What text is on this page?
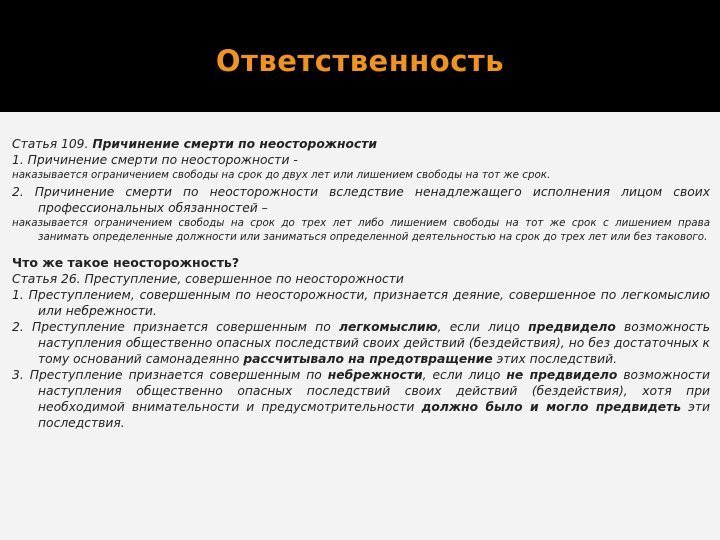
Ответственность

Статья 109. Причинение смерти по неосторожности

1. Причинение смерти по неосторожности -

наказывается ограничением свободы на срок до двух лет или лишением свободы на тот же срок.

2. Причинение смерти по неосторожности вследствие ненадлежащего исполнения лицом своих профессиональных обязанностей –

наказывается ограничением свободы на срок до трех лет либо лишением свободы на тот же срок с лишением права занимать определенные должности или заниматься определенной деятельностью на срок до трех лет или без такового.

Что же такое неосторожность?

Статья 26. Преступление, совершенное по неосторожности

1. Преступлением, совершенным по неосторожности, признается деяние, совершенное по легкомыслию или небрежности.

2. Преступление признается совершенным по легкомыслию, если лицо предвидело возможность наступления общественно опасных последствий своих действий (бездействия), но без достаточных к тому оснований самонадеянно рассчитывало на предотвращение этих последствий.

3. Преступление признается совершенным по небрежности, если лицо не предвидело возможности наступления общественно опасных последствий своих действий (бездействия), хотя при необходимой внимательности и предусмотрительности должно было и могло предвидеть эти последствия.
